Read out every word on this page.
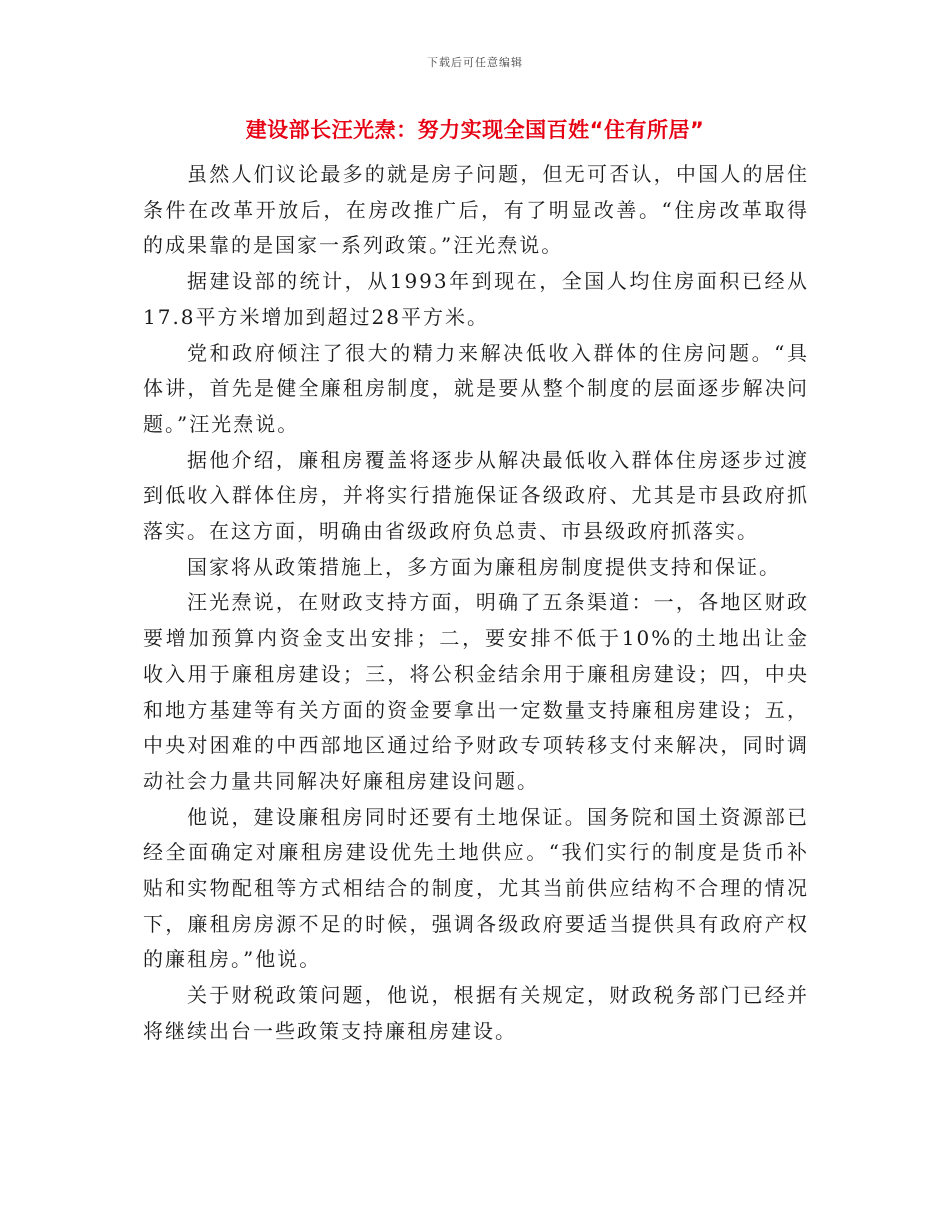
下载后可任意编辑
建设部长汪光焘：努力实现全国百姓“住有所居”

虽然人们议论最多的就是房子问题，但无可否认，中国人的居住条件在改革开放后，在房改推广后，有了明显改善。“住房改革取得的成果靠的是国家一系列政策。”汪光焘说。

据建设部的统计，从1993年到现在，全国人均住房面积已经从17.8平方米增加到超过28平方米。

党和政府倾注了很大的精力来解决低收入群体的住房问题。“具体讲，首先是健全廉租房制度，就是要从整个制度的层面逐步解决问题。”汪光焘说。

据他介绍，廉租房覆盖将逐步从解决最低收入群体住房逐步过渡到低收入群体住房，并将实行措施保证各级政府、尤其是市县政府抓落实。在这方面，明确由省级政府负总责、市县级政府抓落实。

国家将从政策措施上，多方面为廉租房制度提供支持和保证。

汪光焘说，在财政支持方面，明确了五条渠道：一，各地区财政要增加预算内资金支出安排；二，要安排不低于10%的土地出让金收入用于廉租房建设；三，将公积金结余用于廉租房建设；四，中央和地方基建等有关方面的资金要拿出一定数量支持廉租房建设；五，中央对困难的中西部地区通过给予财政专项转移支付来解决，同时调动社会力量共同解决好廉租房建设问题。

他说，建设廉租房同时还要有土地保证。国务院和国土资源部已经全面确定对廉租房建设优先土地供应。“我们实行的制度是货币补贴和实物配租等方式相结合的制度，尤其当前供应结构不合理的情况下，廉租房房源不足的时候，强调各级政府要适当提供具有政府产权的廉租房。”他说。

关于财税政策问题，他说，根据有关规定，财政税务部门已经并将继续出台一些政策支持廉租房建设。
